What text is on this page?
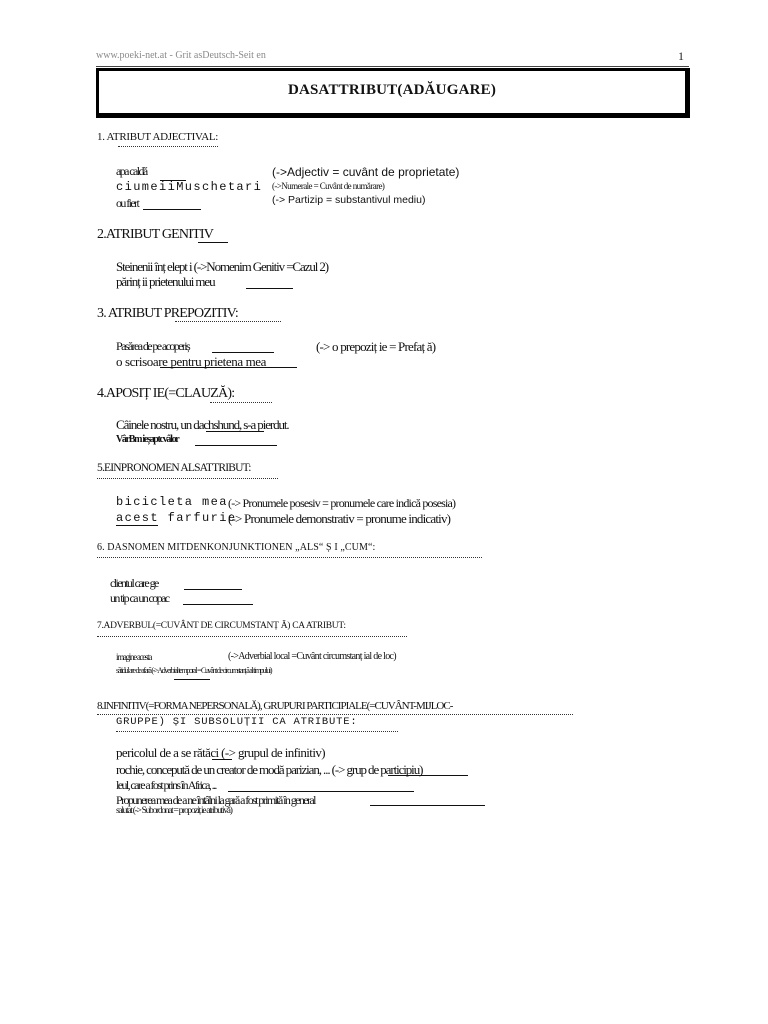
www.poeki-net.at - Grit asDeutsch-Seit en	1
DASATTRIBUT(ADĂUGARE)
1. ATRIBUT ADJECTIVAL:
apa caldă
ciumeiiMuschetari
ou fiert
(->Adjectiv = cuvânt de proprietate)
(->Numerale = Cuvânt de numărare)
(-> Partizip = substantivul mediu)
2.ATRIBUT GENITIV
Steinenii înț elept i (->Nomenim Genitiv =Cazul 2)
părinț ii prietenului meu
3. ATRIBUT PREPOZITIV:
Pasărea de pe acoperiș
o scrisoare pentru prietena mea
(-> o prepoziț ie = Prefaț ă)
4.APOSIȚ IE(=CLAUZĂ):
Câinele nostru, un dachshund, s-a pierdut.
VârBm ieșaptcvâlor
5.EINPRONOMEN ALSATTRIBUT:
bicicleta mea
acest farfurie
(-> Pronumele posesiv = pronumele care indică posesia)
(-> Pronumele demonstrativ = pronume indicativ)
6. DASNOMEN MITDENKONJUNKTIONEN „ALS“ Ș I „CUM“:
clientul care ge
un tip ca un copac
7.ADVERBUL(=CUVÂNT DE CIRCUMSTANȚ Ă) CA ATRIBUT:
imagine acesta
sătidul are de afară (->Adverbial temporal = Cuvânt de circumstanț ă al timpului)
(->Adverbial local =Cuvânt circumstanț ial de loc)
8.INFINITIV(=FORMA NEPERSONALĂ), GRUPURI PARTICIPIALE(=CUVÂNT-MIJLOC-
GRUPPE) ȘI SUBSOLUȚII CA ATRIBUTE:
pericolul de a se rătăci (-> grupul de infinitiv)
rochie, concepută de un creator de modă parizian, ... (-> grup de participiu)
leul, care a fost prins în Africa, ...
Propunerea mea de a ne întâlni la gară a fost primită în general
salutat (-> Subordonat = propoziț ie atributivă)
